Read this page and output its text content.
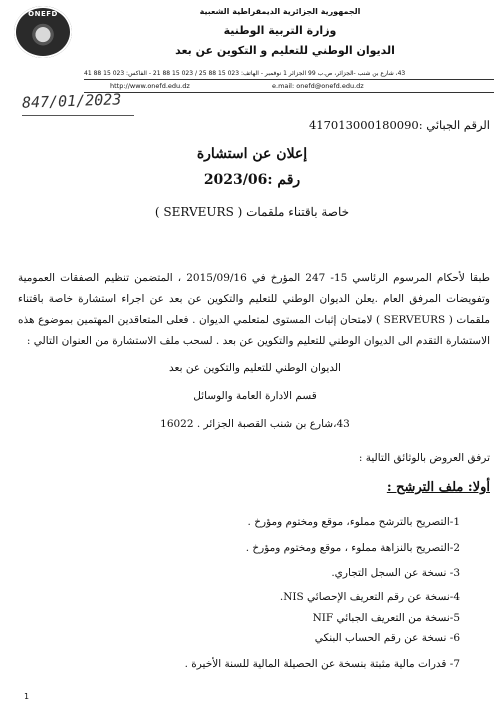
ONEFD	الجمهورية الجزائرية الديمقراطية الشعبية
وزارة التربية الوطنية
الديوان الوطني للتعليم و التكوين عن بعد
43، شارع بن شنب -الجزائر، ص.ب 99 الجزائر 1 نوفمبر - الهاتف: 023 15 88 25 / 023 15 88 21 - الفاكس: 023 15 88 41
http://www.onefd.edu.dz	e.mail: onefd@onefd.edu.dz
847/01/2023
الرقم الجبائي :417013000180090
إعلان عن استشارة
رقم :2023/06
خاصة باقتناء ملقمات ( SERVEURS )
طبقا لأحكام المرسوم الرئاسي 15- 247 المؤرخ في 2015/09/16 ، المتضمن تنظيم الصفقات العمومية وتفويضات المرفق العام .يعلن الديوان الوطني للتعليم والتكوين عن بعد عن اجراء استشارة خاصة باقتناء ملقمات ( SERVEURS ) لامتحان إثبات المستوى لمتعلمي الديوان . فعلى المتعاقدين المهتمين بموضوع هذه الاستشارة التقدم الى الديوان الوطني للتعليم والتكوين عن بعد . لسحب ملف الاستشارة من العنوان التالي :
الديوان الوطني للتعليم والتكوين عن بعد
قسم الادارة العامة والوسائل
43،شارع بن شنب القصبة الجزائر . 16022
ترفق العروض بالوثائق التالية :
أولا: ملف الترشح :
1-التصريح بالترشح مملوء، موقع ومختوم ومؤرخ .
2-التصريح بالنزاهة مملوء ، موقع ومختوم ومؤرخ .
3- نسخة عن السجل التجاري.
4-نسخة عن رقم التعريف الإحصائي NIS.
5-نسخة من التعريف الجبائي NIF
6- نسخة عن رقم الحساب البنكي
7- قدرات مالية مثبتة بنسخة عن الحصيلة المالية للسنة الأخيرة .
1
